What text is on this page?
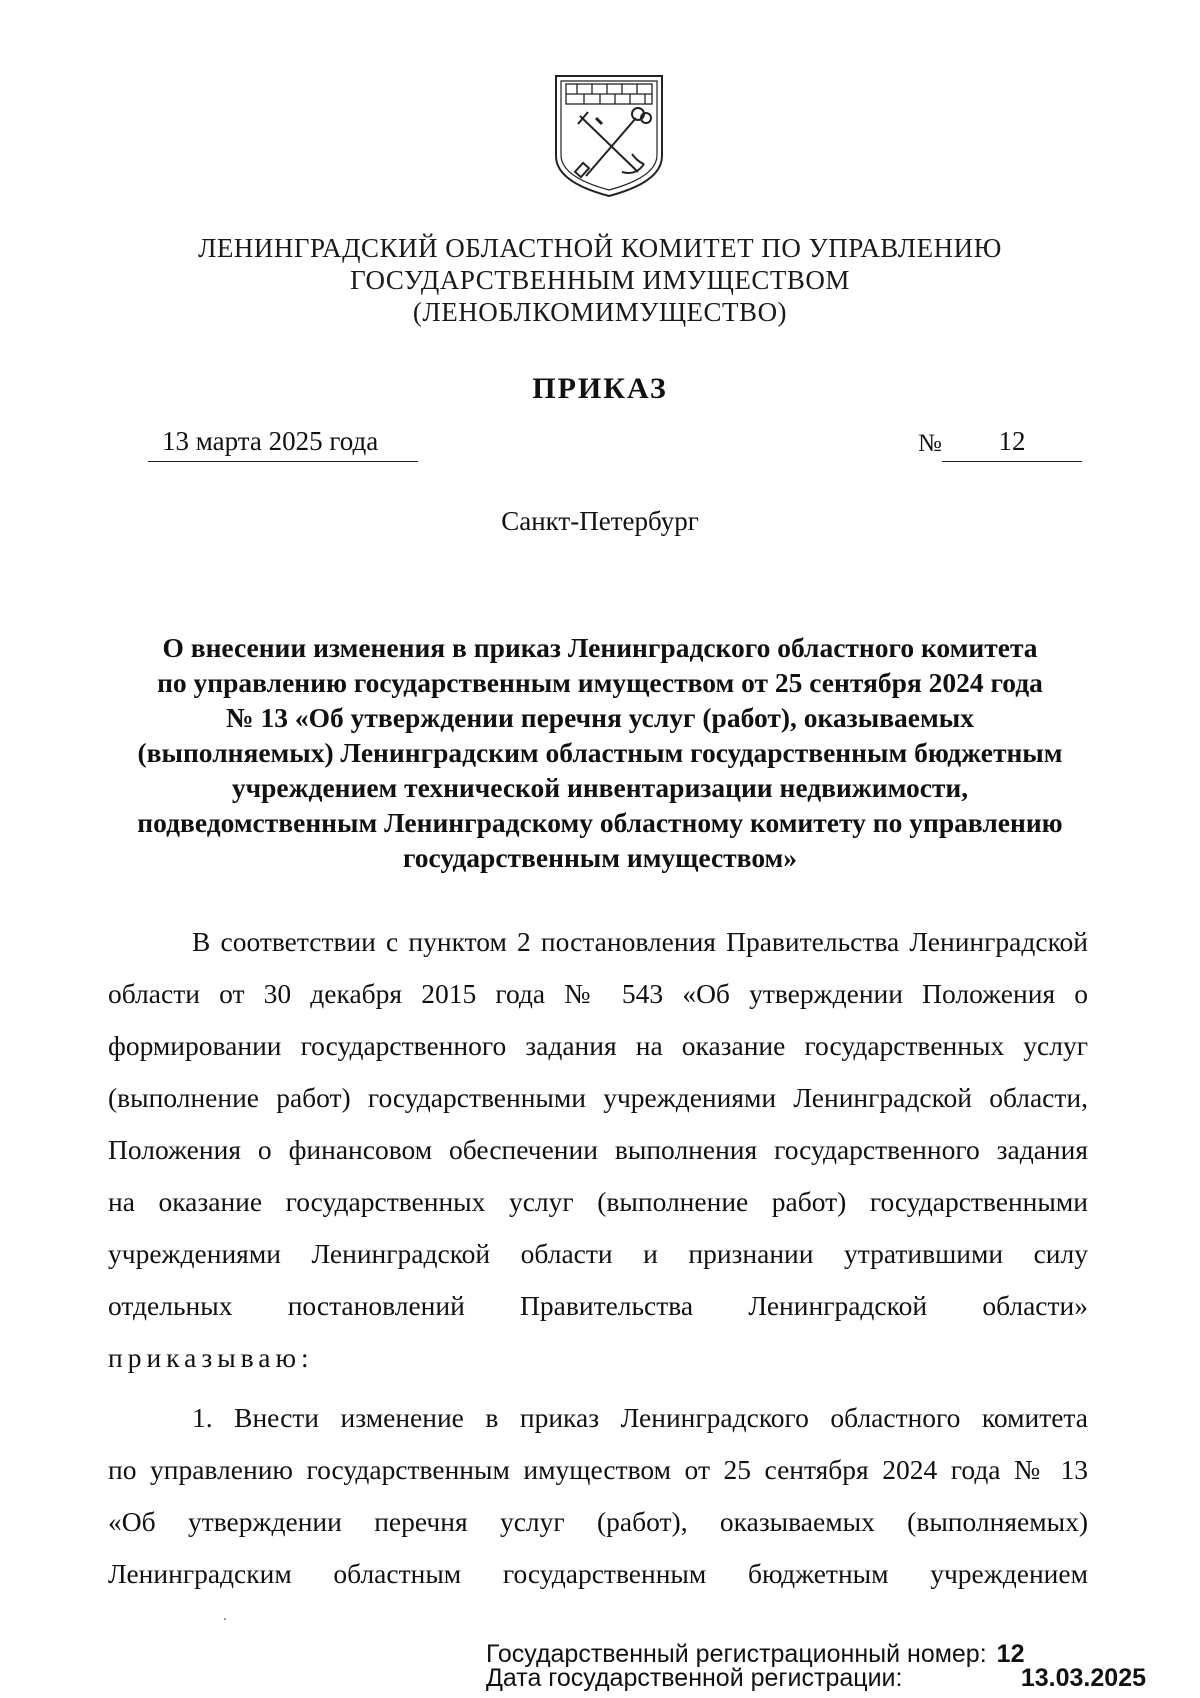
ЛЕНИНГРАДСКИЙ ОБЛАСТНОЙ КОМИТЕТ ПО УПРАВЛЕНИЮ
ГОСУДАРСТВЕННЫМ ИМУЩЕСТВОМ
(ЛЕНОБЛКОМИМУЩЕСТВО)
ПРИКАЗ
13 марта 2025 года	№	12
Санкт-Петербург
О внесении изменения в приказ Ленинградского областного комитета
по управлению государственным имуществом от 25 сентября 2024 года
№ 13 «Об утверждении перечня услуг (работ), оказываемых
(выполняемых) Ленинградским областным государственным бюджетным
учреждением технической инвентаризации недвижимости,
подведомственным Ленинградскому областному комитету по управлению
государственным имуществом»
В соответствии с пунктом 2 постановления Правительства Ленинградской
области от 30 декабря 2015 года № 543 «Об утверждении Положения о
формировании государственного задания на оказание государственных услуг
(выполнение работ) государственными учреждениями Ленинградской области,
Положения о финансовом обеспечении выполнения государственного задания
на оказание государственных услуг (выполнение работ) государственными
учреждениями Ленинградской области и признании утратившими силу
отдельных постановлений Правительства Ленинградской области»
приказываю:
1. Внести изменение в приказ Ленинградского областного комитета
по управлению государственным имуществом от 25 сентября 2024 года № 13
«Об утверждении перечня услуг (работ), оказываемых (выполняемых)
Ленинградским областным государственным бюджетным учреждением
Государственный регистрационный номер: 12
Дата государственной регистрации:	13.03.2025
